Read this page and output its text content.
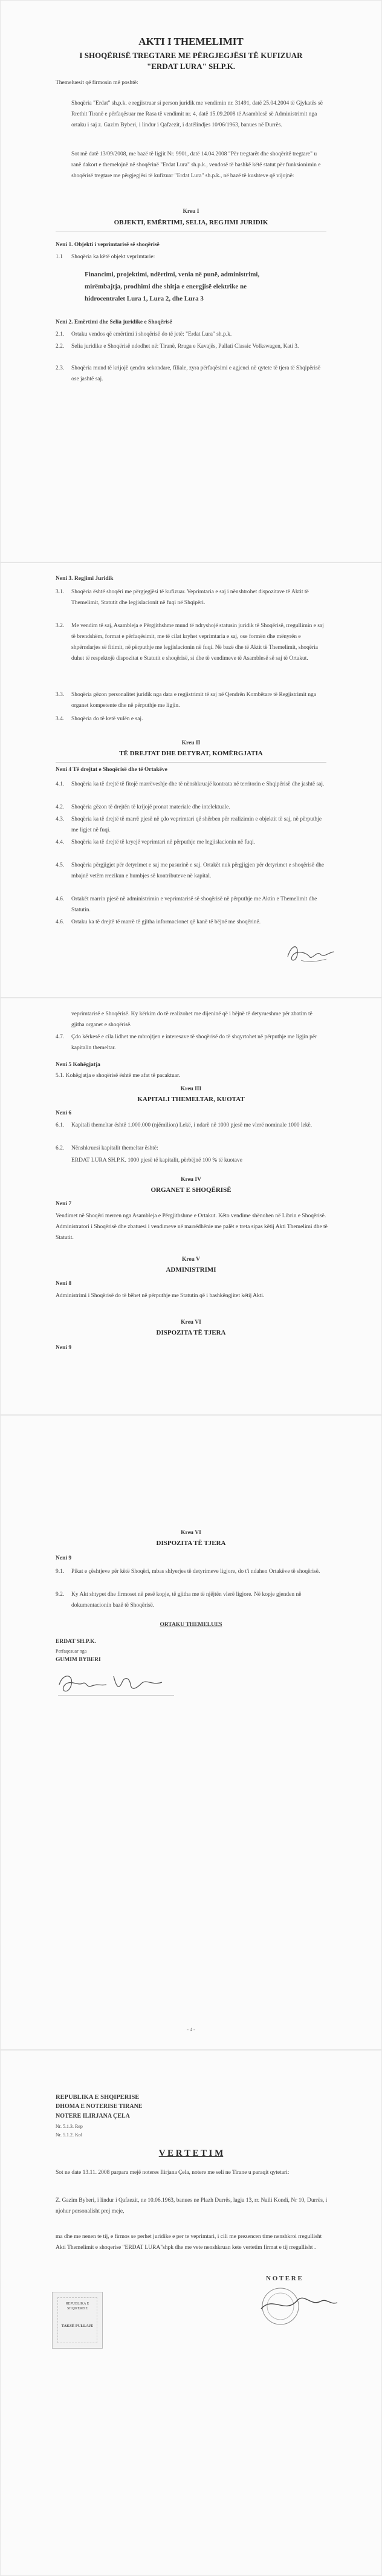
AKTI I THEMELIMIT
I SHOQËRISË TREGTARE ME PËRGJEGJËSI TË KUFIZUAR
"ERDAT LURA" SH.P.K.
Themeluesit që firmosin më poshtë:
Shoqëria "Erdat" sh.p.k. e regjistruar si person juridik me vendimin nr. 31491, datë 25.04.2004 të Gjykatës së Rrethit Tiranë e përfaqësuar me Rasa të vendimit nr. 4, datë 15.09.2008 të Asamblesë së Administrimit nga ortaku i saj z. Gazim Byberi, i lindur i Qafzezit, i datëlindjes 10/06/1963, banues në Durrës.
Sot më datë 13/09/2008, me bazë të ligjit Nr. 9901, datë 14.04.2008 "Për tregtarët dhe shoqëritë tregtare" u ranë dakort e themelojnë në shoqërinë "Erdat Lura" sh.p.k., vendosë të bashkë këtë statut për funksionimin e shoqërisë tregtare me përgjegjësi të kufizuar "Erdat Lura" sh.p.k., në bazë të kushteve që vijojnë:
Kreu I
OBJEKTI, EMËRTIMI, SELIA, REGJIMI JURIDIK
Neni 1. Objekti i veprimtarisë së shoqërisë
1.1 Shoqëria ka këtë objekt veprimtarie:
Financimi, projektimi, ndërtimi, venia në punë, administrimi,
mirëmbajtja, prodhimi dhe shitja e energjisë elektrike ne
hidrocentralet Lura 1, Lura 2, dhe Lura 3
Neni 2. Emërtimi dhe Selia juridike e Shoqërisë
2.1. Ortaku vendos që emërtimi i shoqërisë do të jetë: "Erdat Lura" sh.p.k.
2.2. Selia juridike e Shoqërisë ndodhet në: Tiranë, Rruga e Kavajës, Pallati Classic Volkswagen, Kati 3.
2.3. Shoqëria mund të krijojë qendra sekondare, filiale, zyra përfaqësimi e agjenci në qytete të tjera të Shqipërisë ose jashtë saj.
Neni 3. Regjimi Juridik
3.1. Shoqëria është shoqëri me përgjegjësi të kufizuar. Veprimtaria e saj i nënshtrohet dispozitave të Aktit të Themelimit, Statutit dhe legjislacionit në fuqi në Shqipëri.
3.2. Me vendim të saj, Asambleja e Përgjithshme mund të ndryshojë statusin juridik të Shoqërisë, rregullimin e saj të brendshëm, format e përfaqësimit, me të cilat kryhet veprimtaria e saj, ose formën dhe mënyrën e shpërndarjes së fitimit, në përputhje me legjislacionin në fuqi. Në bazë dhe të Aktit të Themelimit, shoqëria duhet të respektojë dispozitat e Statutit e shoqërisë, si dhe të vendimeve të Asamblesë së saj të Ortakut.
3.3. Shoqëria gëzon personalitet juridik nga data e regjistrimit të saj në Qendrën Kombëtare të Regjistrimit nga organet kompetente dhe në përputhje me ligjin.
3.4. Shoqëria do të ketë vulën e saj.
Kreu II
TË DREJTAT DHE DETYRAT, KOMËRGJATIA
Neni 4 Të drejtat e Shoqërisë dhe të Ortakëve
4.1. Shoqëria ka të drejtë të fitojë marrëveshje dhe të nënshkruajë kontrata në territorin e Shqipërisë dhe jashtë saj.
4.2. Shoqëria gëzon të drejtën të krijojë pronat materiale dhe intelektuale.
4.3. Shoqëria ka të drejtë të marrë pjesë në çdo veprimtari që shërben për realizimin e objektit të saj, në përputhje me ligjet në fuqi.
4.4. Shoqëria ka të drejtë të kryejë veprimtari në përputhje me legjislacionin në fuqi.
4.5. Shoqëria përgjigjet për detyrimet e saj me pasurinë e saj. Ortakët nuk përgjigjen për detyrimet e shoqërisë dhe mbajnë vetëm rrezikun e humbjes së kontributeve në kapital.
4.6. Ortakët marrin pjesë në administrimin e veprimtarisë së shoqërisë në përputhje me Aktin e Themelimit dhe Statutin.
4.6. Ortaku ka të drejtë të marrë të gjitha informacionet që kanë të bëjnë me shoqërinë.
veprimtarisë e Shoqërisë. Ky kërkim do të realizohet me dijeninë që i bëjnë të detyrueshme për zbatim të gjitha organet e shoqërisë.
4.7. Çdo kërkesë e cila lidhet me mbrojtjen e interesave të shoqërisë do të shqyrtohet në përputhje me ligjin për kapitalin themeltar.
Neni 5 Kohëgjatja
5.1. Kohëgjatja e shoqërisë është me afat të pacaktuar.
Kreu III
KAPITALI THEMELTAR, KUOTAT
Neni 6
6.1. Kapitali themeltar është 1.000.000 (njëmilion) Lekë, i ndarë në 1000 pjesë me vlerë nominale 1000 lekë.
6.2. Nënshkruesi kapitalit themeltar është:
ERDAT LURA SH.P.K. 1000 pjesë të kapitalit, përbëjnë 100 % të kuotave
Kreu IV
ORGANET E SHOQËRISË
Neni 7
Vendimet në Shoqëri merren nga Asambleja e Përgjithshme e Ortakut. Këto vendime shënohen në Librin e Shoqërisë. Administratori i Shoqërisë dhe zbatuesi i vendimeve në marrëdhënie me palët e treta sipas këtij Akti Themelimi dhe të Statutit.
Kreu V
ADMINISTRIMI
Neni 8
Administrimi i Shoqërisë do të bëhet në përputhje me Statutin që i bashkëngjitet këtij Akti.
Kreu VI
DISPOZITA TË TJERA
Neni 9
Kreu VI
DISPOZITA TË TJERA
Neni 9
9.1. Pikat e çështjeve për këtë Shoqëri, mbas shlyerjes të detyrimeve ligjore, do t'i ndahen Ortakëve të shoqërisë.
9.2. Ky Akt shtypet dhe firmoset në pesë kopje, të gjitha me të njëjtën vlerë ligjore. Në kopje gjenden në dokumentacionin bazë të Shoqërisë.
ORTAKU THEMELUES
ERDAT SH.P.K.
Perfaqesuar nga
GUMIM BYBERI
- 4 -
REPUBLIKA E SHQIPERISE
DHOMA E NOTERISE TIRANE
NOTERE ILIRJANA ÇELA
Nr. 5.1.3. Rep
Nr. 5.1.2. Kol
V E R T E T I M
Sot ne date 13.11. 2008 parpara mejë noteres Ilirjana Çela, notere me seli ne Tirane u paraqit qytetari:
Z. Gazim Byberi, i lindur i Qafzezit, ne 10.06.1963, banues ne Plazh Durrës, lagja 13, rr. Naili Kondi, Nr 10, Durrës, i njohur personalisht prej meje,
ma dhe me nenen te tij, e firmos se perhet juridike e per te veprimtari, i cili me prezencen time nenshkroi rregullisht Akti Themelimit e shoqerise "ERDAT LURA"shpk dhe me vete nenshkruan kete vertetim firmat e tij rregullisht .
N O T E R E
REPUBLIKA E SHQIPERISE
TAKSË PULLAJE
